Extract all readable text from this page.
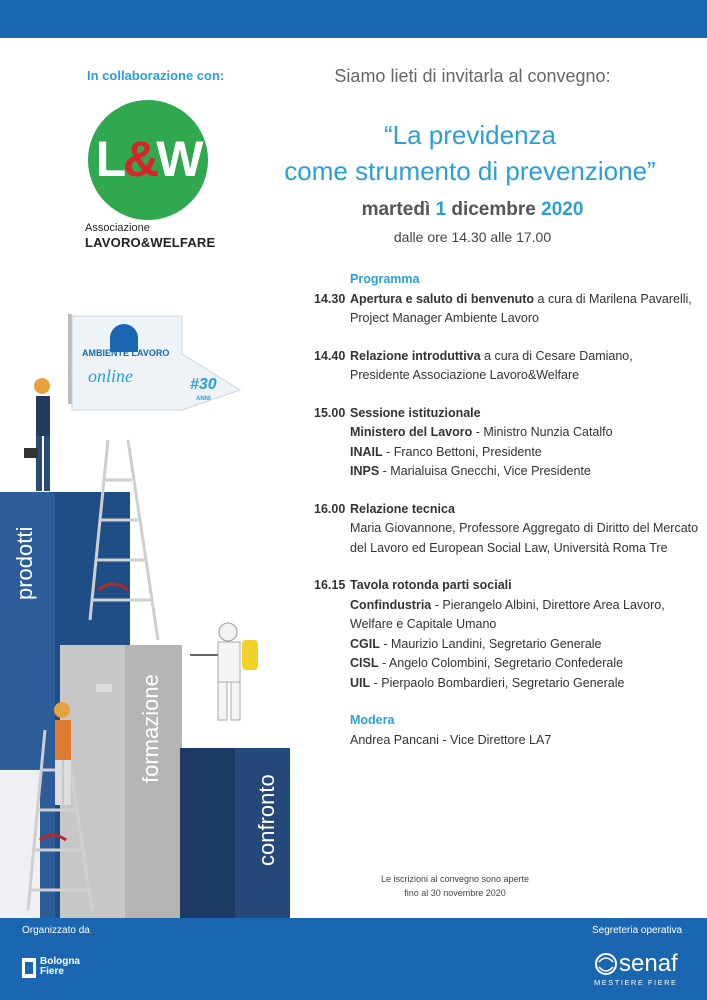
In collaborazione con:
L&W
Associazione
LAVORO&WELFARE
Siamo lieti di invitarla al convegno:
“La previdenza
come strumento di prevenzione”
martedì 1 dicembre 2020
dalle ore 14.30 alle 17.00
Programma
14.30 Apertura e saluto di benvenuto a cura di Marilena Pavarelli,
Project Manager Ambiente Lavoro
14.40 Relazione introduttiva a cura di Cesare Damiano,
Presidente Associazione Lavoro&Welfare
15.00 Sessione istituzionale
Ministero del Lavoro - Ministro Nunzia Catalfo
INAIL - Franco Bettoni, Presidente
INPS - Marialuisa Gnecchi, Vice Presidente
16.00 Relazione tecnica
Maria Giovannone, Professore Aggregato di Diritto del Mercato
del Lavoro ed European Social Law, Università Roma Tre
16.15 Tavola rotonda parti sociali
Confindustria - Pierangelo Albini, Direttore Area Lavoro,
Welfare e Capitale Umano
CGIL - Maurizio Landini, Segretario Generale
CISL - Angelo Colombini, Segretario Confederale
UIL - Pierpaolo Bombardieri, Segretario Generale
Modera
Andrea Pancani - Vice Direttore LA7
Le iscrizioni al convegno sono aperte
fino al 30 novembre 2020
AMBIENTE LAVORO
online	#30
ANNI
prodotti
formazione
confronto
Organizzato da
Bologna
Fiere
Segreteria operativa
senaf
MESTIERE FIERE
